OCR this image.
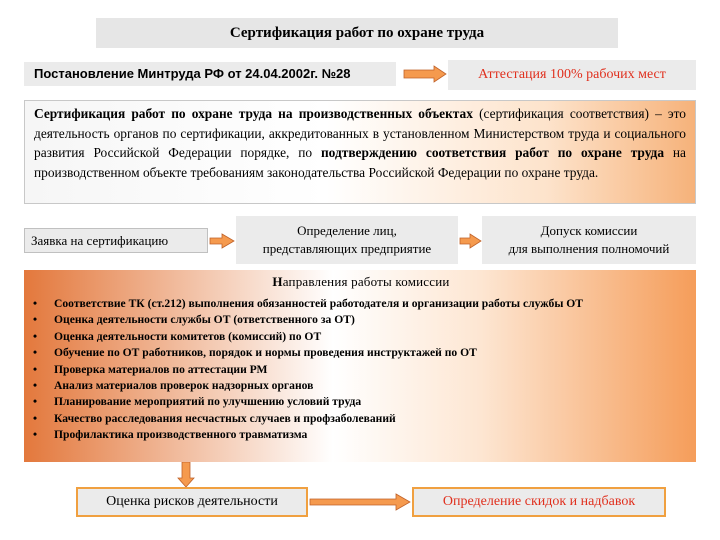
Сертификация работ по охране труда
Постановление Минтруда РФ от 24.04.2002г. №28	Аттестация 100% рабочих мест
Сертификация работ по охране труда на производственных объектах (сертификация соответствия) – это деятельность органов по сертификации, аккредитованных в установленном Министерством труда и социального развития Российской Федерации порядке, по подтверждению соответствия работ по охране труда на производственном объекте требованиям законодательства Российской Федерации по охране труда.
Заявка на сертификацию
Определение лиц,
представляющих предприятие
Допуск комиссии
для выполнения полномочий
Направления работы комиссии
• Соответствие ТК (ст.212) выполнения обязанностей работодателя и организации работы службы ОТ
• Оценка деятельности службы ОТ (ответственного за ОТ)
• Оценка деятельности комитетов (комиссий) по ОТ
• Обучение по ОТ работников, порядок и нормы проведения инструктажей по ОТ
• Проверка материалов по аттестации РМ
• Анализ материалов проверок надзорных органов
• Планирование мероприятий по улучшению условий труда
• Качество расследования несчастных случаев и профзаболеваний
• Профилактика производственного травматизма
Оценка рисков деятельности	Определение скидок и надбавок
